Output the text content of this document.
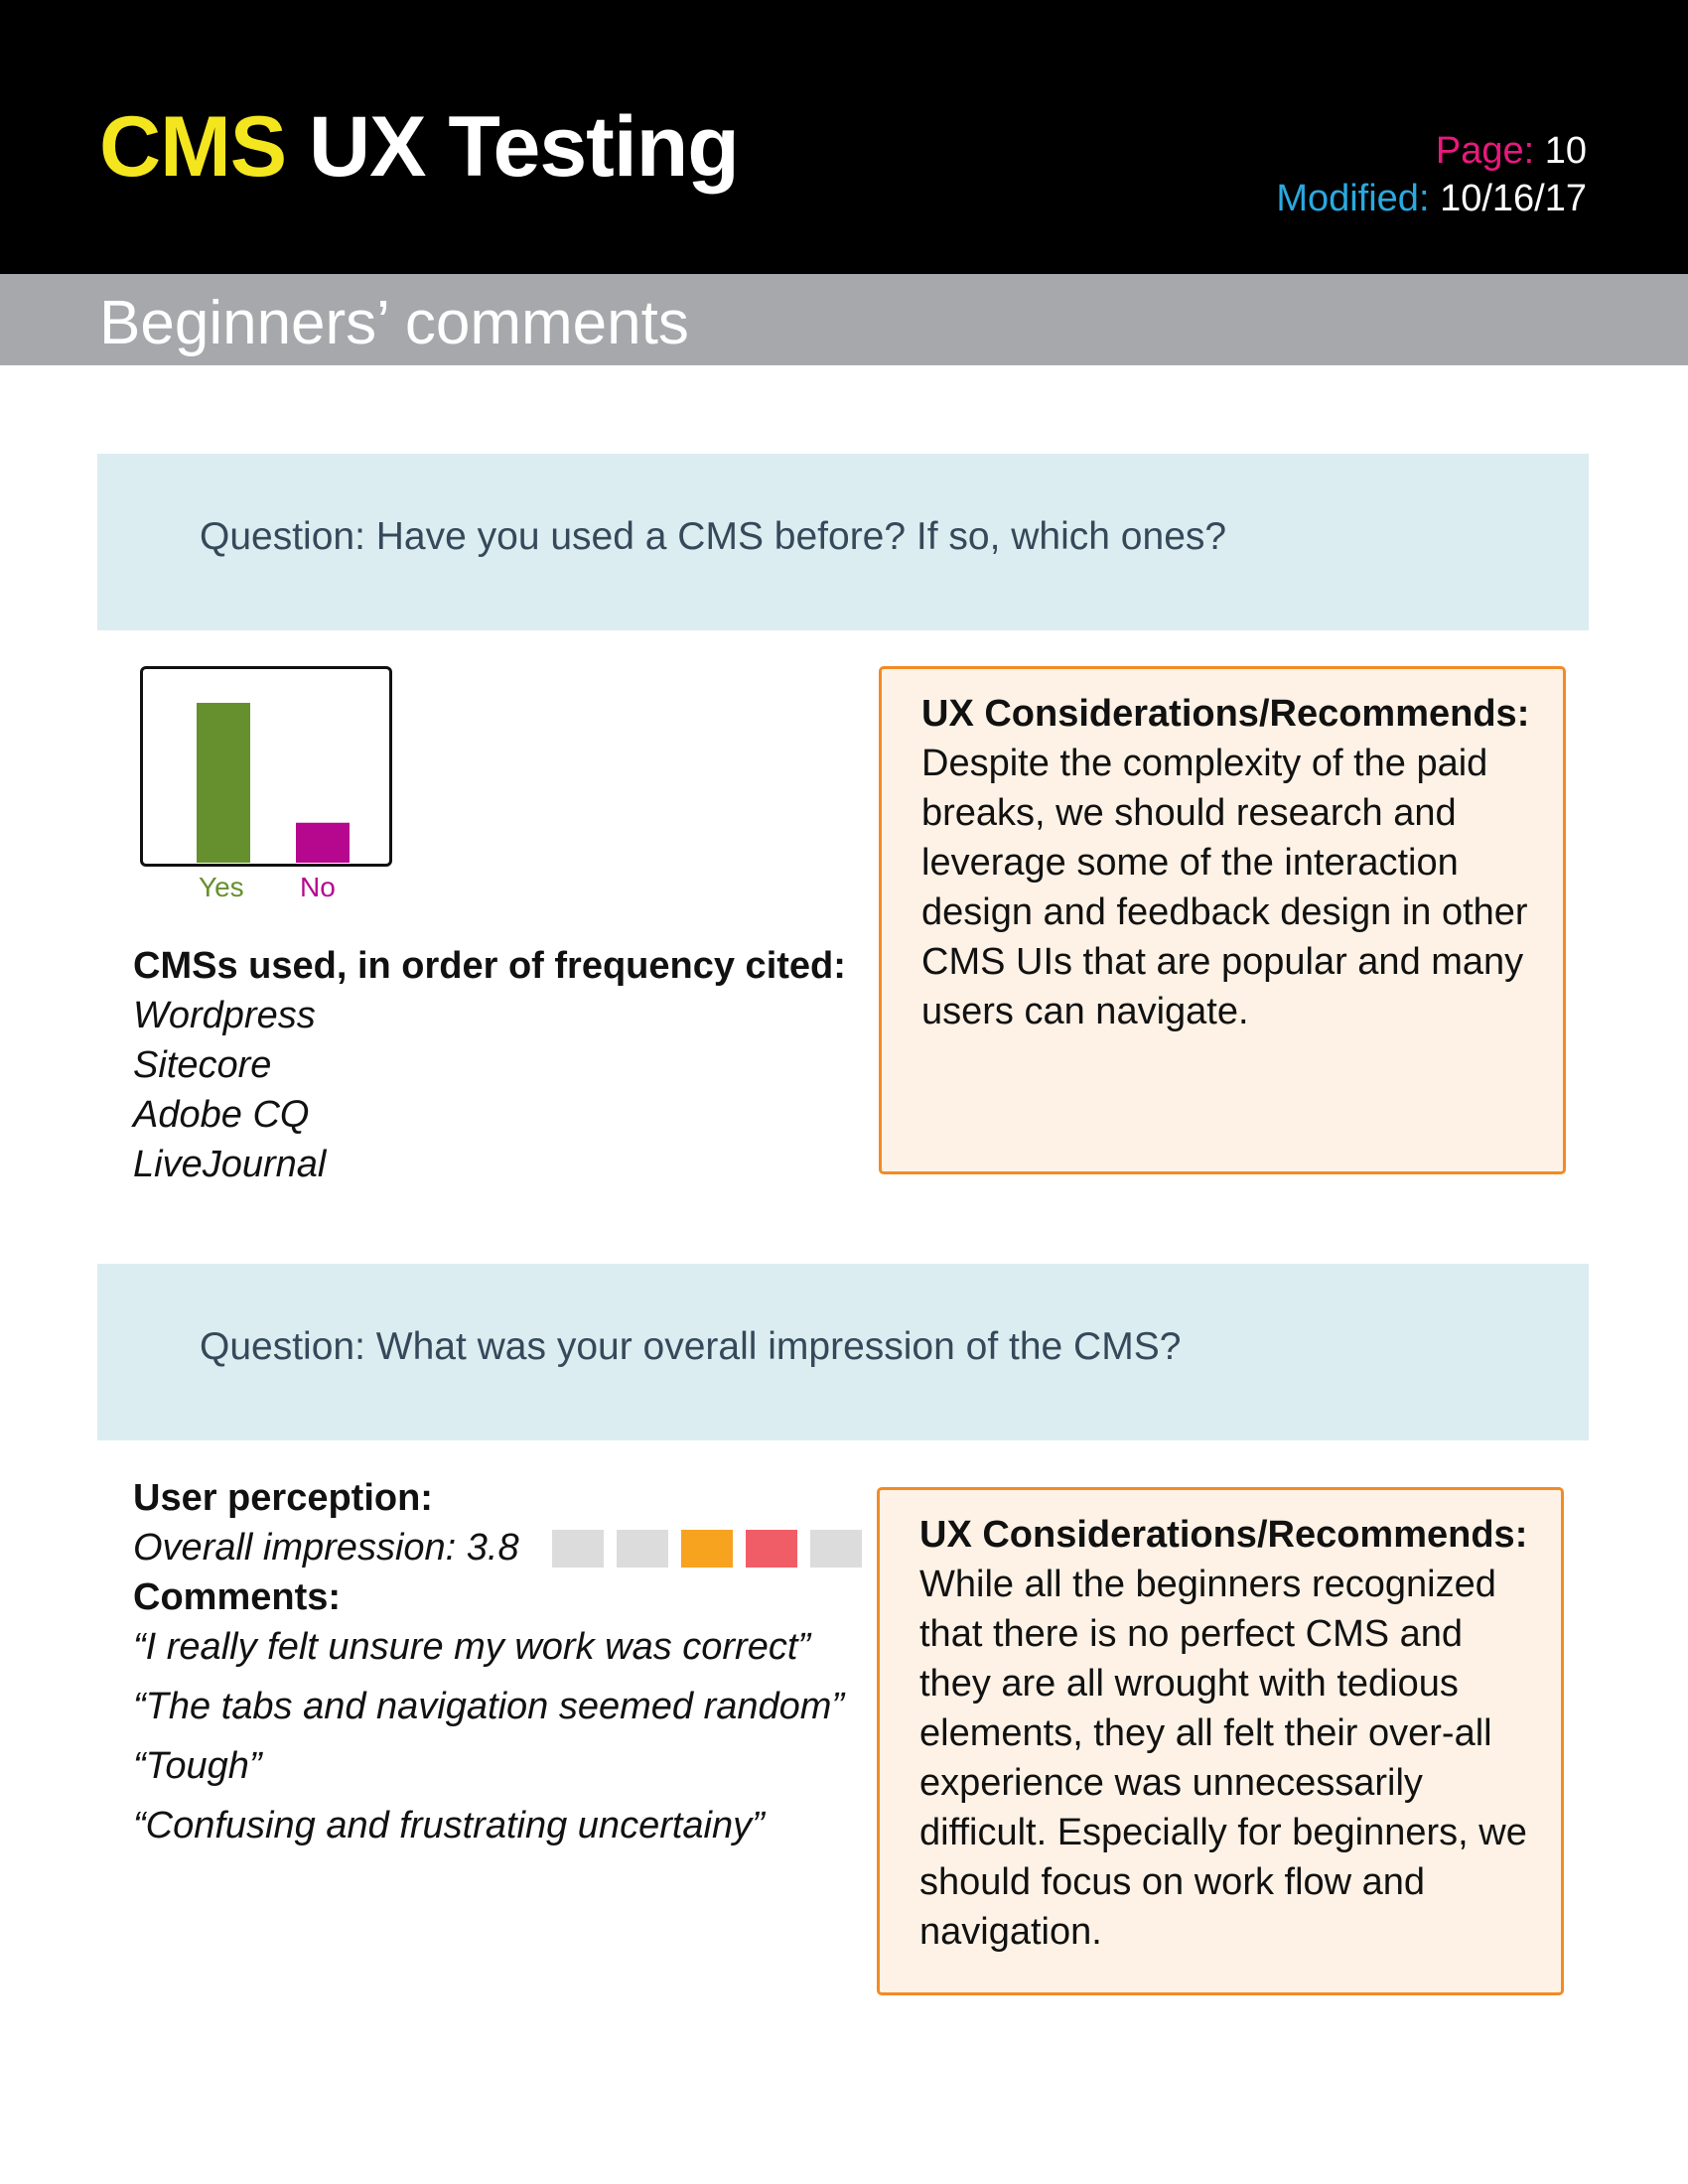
CMS UX Testing	Page: 10
Modified: 10/16/17
Beginners’ comments
Question: Have you used a CMS before? If so, which ones?
Yes No
CMSs used, in order of frequency cited:
Wordpress
Sitecore
Adobe CQ
LiveJournal
UX Considerations/Recommends:
Despite the complexity of the paid breaks, we should research and leverage some of the interaction design and feedback design in other CMS UIs that are popular and many users can navigate.
Question: What was your overall impression of the CMS?
User perception:
Overall impression: 3.8
Comments:
“I really felt unsure my work was correct”
“The tabs and navigation seemed random”
“Tough”
“Confusing and frustrating uncertainy”
UX Considerations/Recommends:
While all the beginners recognized that there is no perfect CMS and they are all wrought with tedious elements, they all felt their over-all experience was unnecessarily difficult. Especially for beginners, we should focus on work flow and navigation.
